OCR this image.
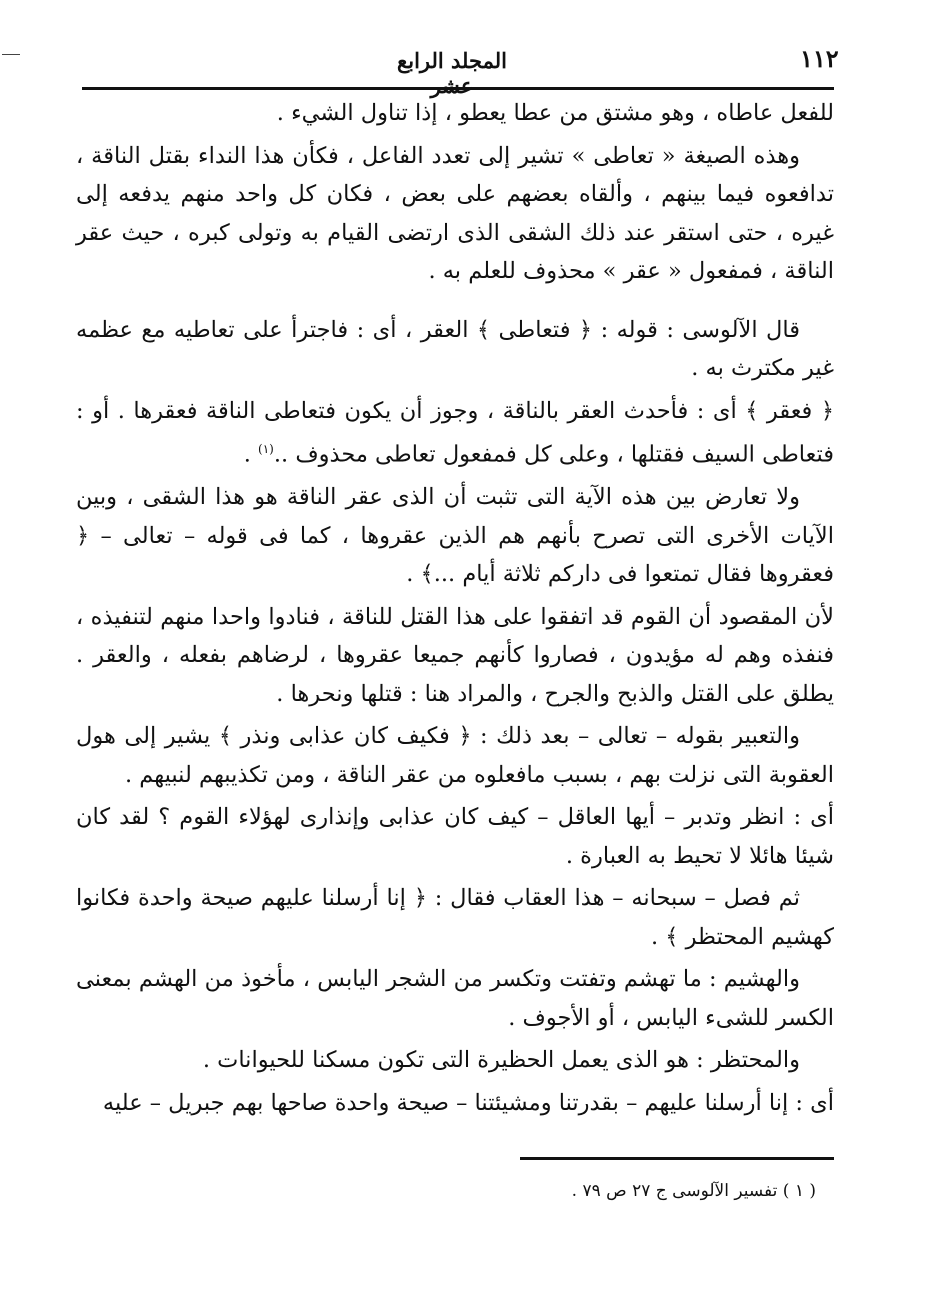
١١٢
المجلد الرابع عشر

للفعل عاطاه ، وهو مشتق من عطا يعطو ، إذا تناول الشيء .

وهذه الصيغة « تعاطى » تشير إلى تعدد الفاعل ، فكأن هذا النداء بقتل الناقة ، تدافعوه فيما بينهم ، وألقاه بعضهم على بعض ، فكان كل واحد منهم يدفعه إلى غيره ، حتى استقر عند ذلك الشقى الذى ارتضى القيام به وتولى كبره ، حيث عقر الناقة ، فمفعول « عقر » محذوف للعلم به .

قال الآلوسى : قوله : ﴿ فتعاطى ﴾ العقر ، أى : فاجترأ على تعاطيه مع عظمه غير مكترث به .

﴿ فعقر ﴾ أى : فأحدث العقر بالناقة ، وجوز أن يكون فتعاطى الناقة فعقرها . أو : فتعاطى السيف فقتلها ، وعلى كل فمفعول تعاطى محذوف ..$^{(١)}$ .

ولا تعارض بين هذه الآية التى تثبت أن الذى عقر الناقة هو هذا الشقى ، وبين الآيات الأخرى التى تصرح بأنهم هم الذين عقروها ، كما فى قوله – تعالى – ﴿ فعقروها فقال تمتعوا فى داركم ثلاثة أيام ...﴾ .

لأن المقصود أن القوم قد اتفقوا على هذا القتل للناقة ، فنادوا واحدا منهم لتنفيذه ، فنفذه وهم له مؤيدون ، فصاروا كأنهم جميعا عقروها ، لرضاهم بفعله ، والعقر . يطلق على القتل والذبح والجرح ، والمراد هنا : قتلها ونحرها .

والتعبير بقوله – تعالى – بعد ذلك : ﴿ فكيف كان عذابى ونذر ﴾ يشير إلى هول العقوبة التى نزلت بهم ، بسبب مافعلوه من عقر الناقة ، ومن تكذيبهم لنبيهم .

أى : انظر وتدبر – أيها العاقل – كيف كان عذابى وإنذارى لهؤلاء القوم ؟ لقد كان شيئا هائلا لا تحيط به العبارة .

ثم فصل – سبحانه – هذا العقاب فقال : ﴿ إنا أرسلنا عليهم صيحة واحدة فكانوا كهشيم المحتظر ﴾ .

والهشيم : ما تهشم وتفتت وتكسر من الشجر اليابس ، مأخوذ من الهشم بمعنى الكسر للشىء اليابس ، أو الأجوف .

والمحتظر : هو الذى يعمل الحظيرة التى تكون مسكنا للحيوانات .

أى : إنا أرسلنا عليهم – بقدرتنا ومشيئتنا – صيحة واحدة صاحها بهم جبريل – عليه

( ١ ) تفسير الآلوسى ج ٢٧ ص ٧٩ .
